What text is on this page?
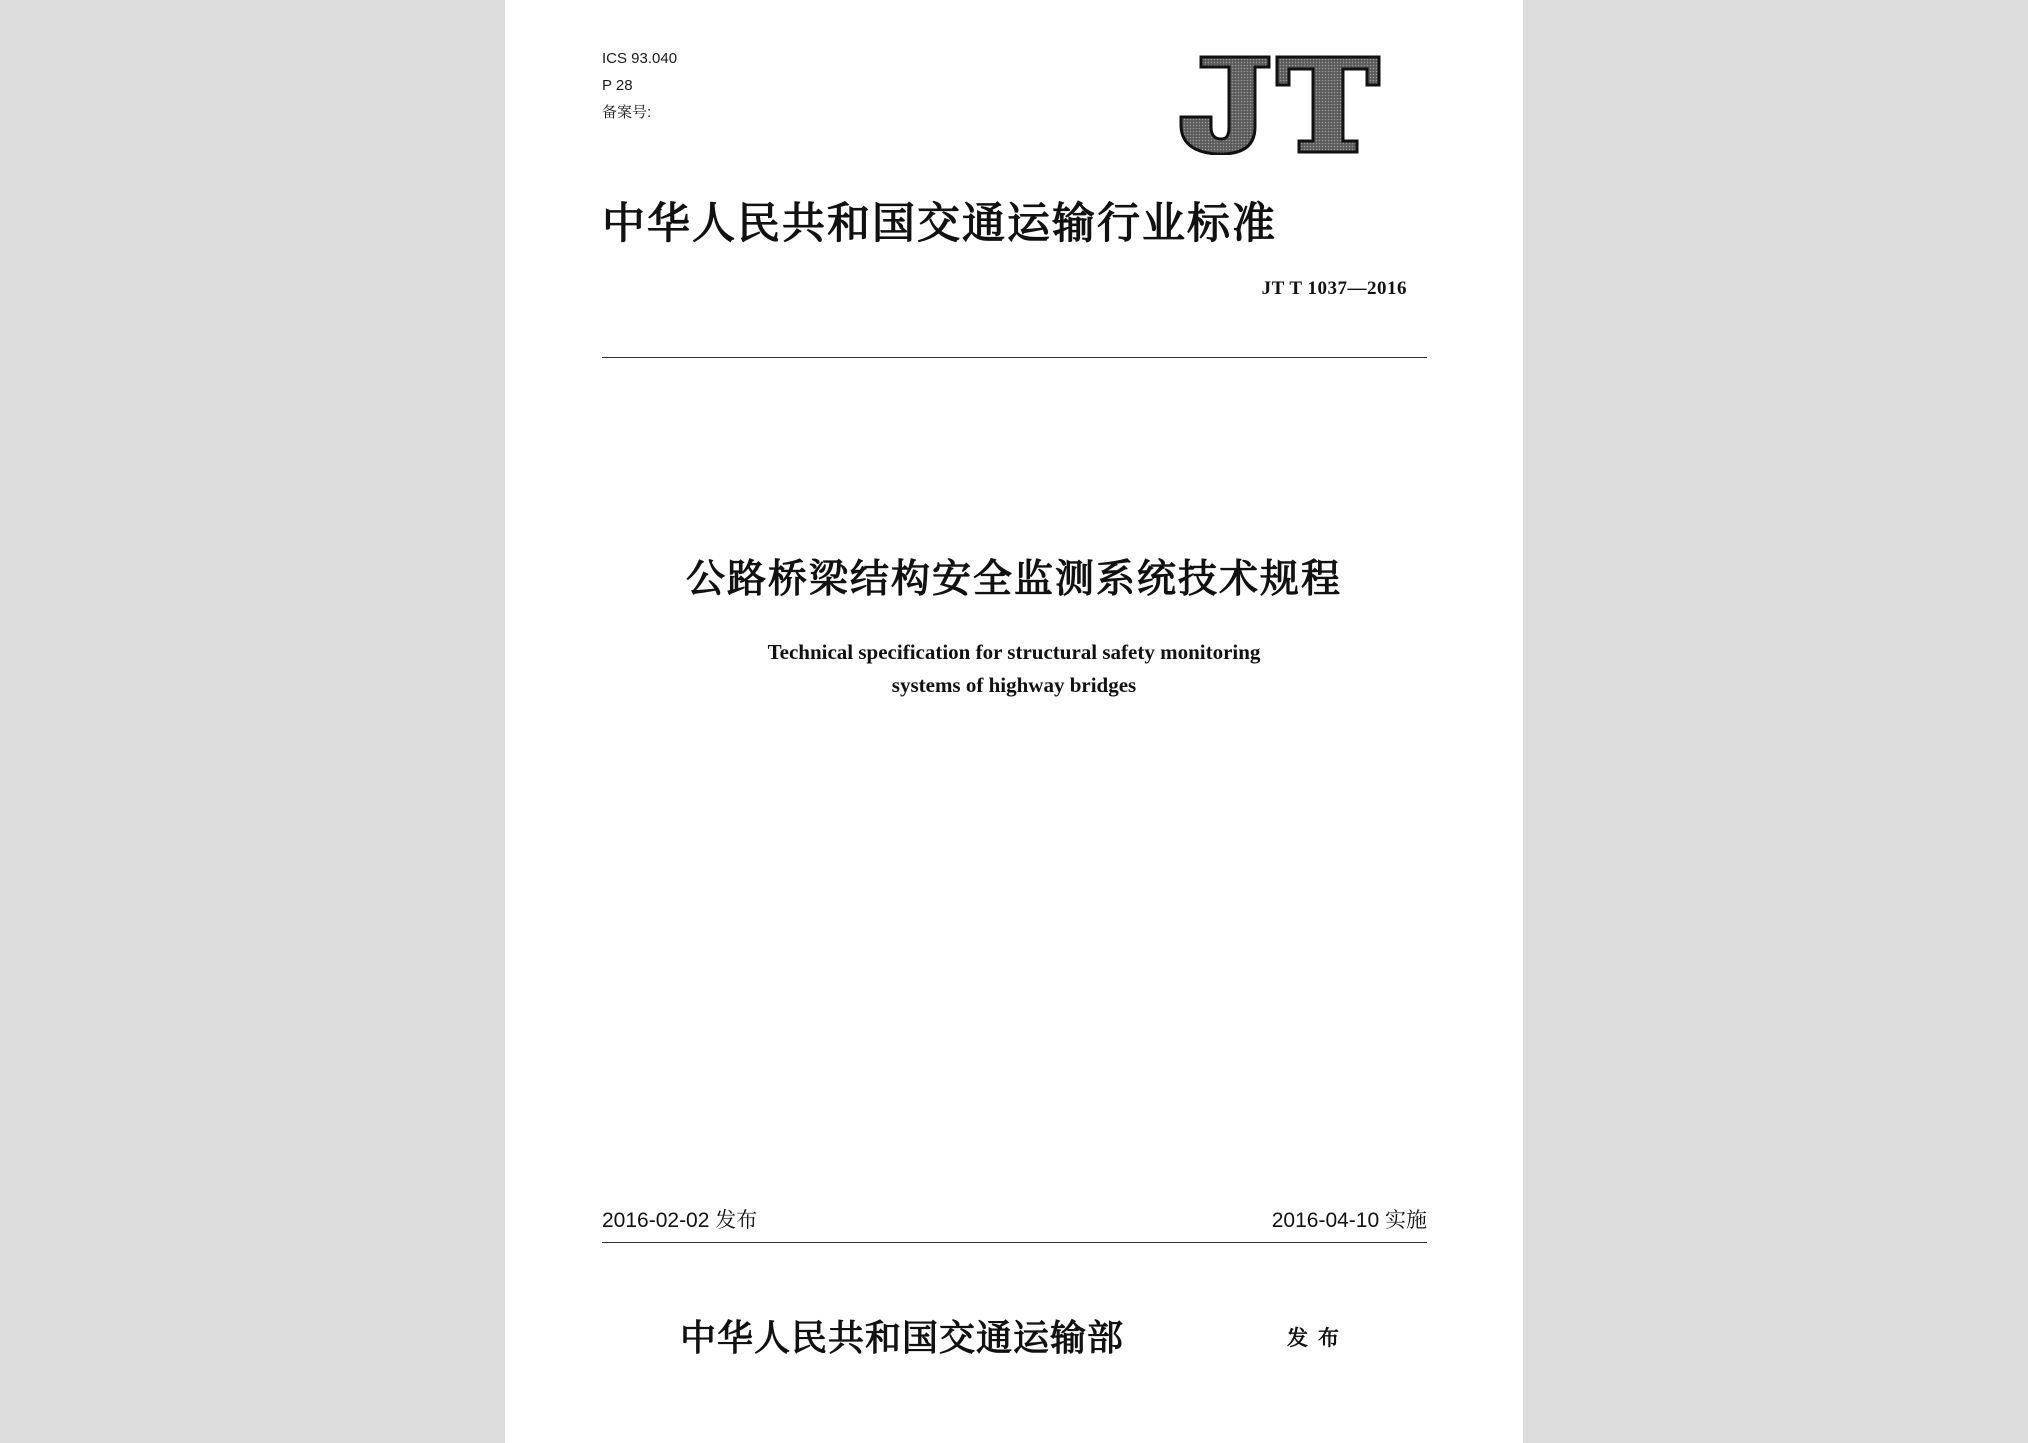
ICS 93.040
P 28
备案号:
中华人民共和国交通运输行业标准
JT T 1037—2016
公路桥梁结构安全监测系统技术规程
Technical specification for structural safety monitoring
systems of highway bridges
2016-02-02 发布	2016-04-10 实施
中华人民共和国交通运输部	发布
